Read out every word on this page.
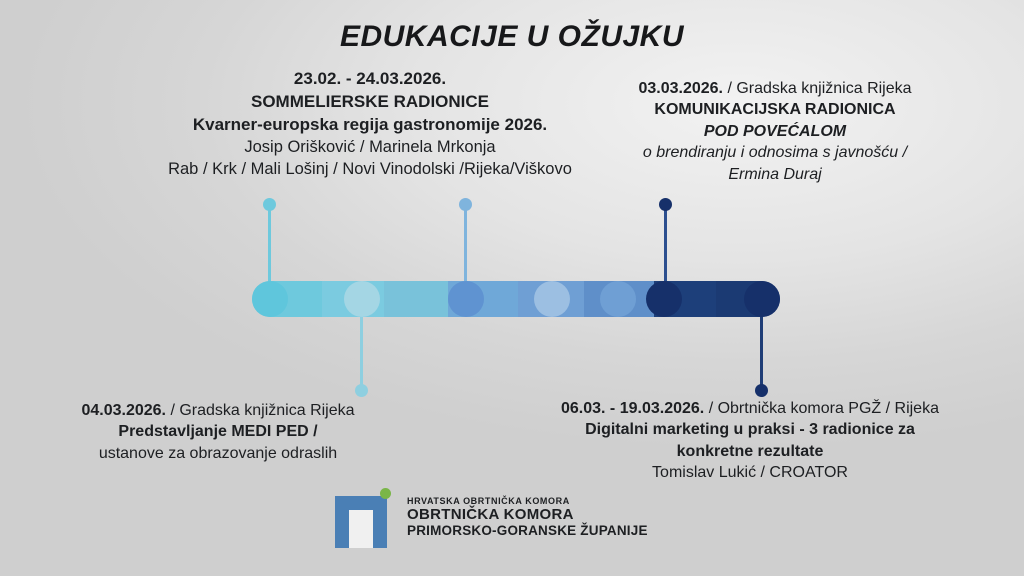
EDUKACIJE U OŽUJKU
23.02. - 24.03.2026.
SOMMELIERSKE RADIONICE
Kvarner-europska regija gastronomije 2026.
Josip Orišković / Marinela Mrkonja
Rab / Krk / Mali Lošinj / Novi Vinodolski /Rijeka/Viškovo
03.03.2026. / Gradska knjižnica Rijeka
KOMUNIKACIJSKA RADIONICA
POD POVEĆALOM
o brendiranju i odnosima s javnošću /
Ermina Duraj
04.03.2026. / Gradska knjižnica Rijeka
Predstavljanje MEDI PED /
ustanove za obrazovanje odraslih
06.03. - 19.03.2026. / Obrtnička komora PGŽ / Rijeka
Digitalni marketing u praksi - 3 radionice za
konkretne rezultate
Tomislav Lukić / CROATOR
HRVATSKA OBRTNIČKA KOMORA
OBRTNIČKA KOMORA
PRIMORSKO-GORANSKE ŽUPANIJE
